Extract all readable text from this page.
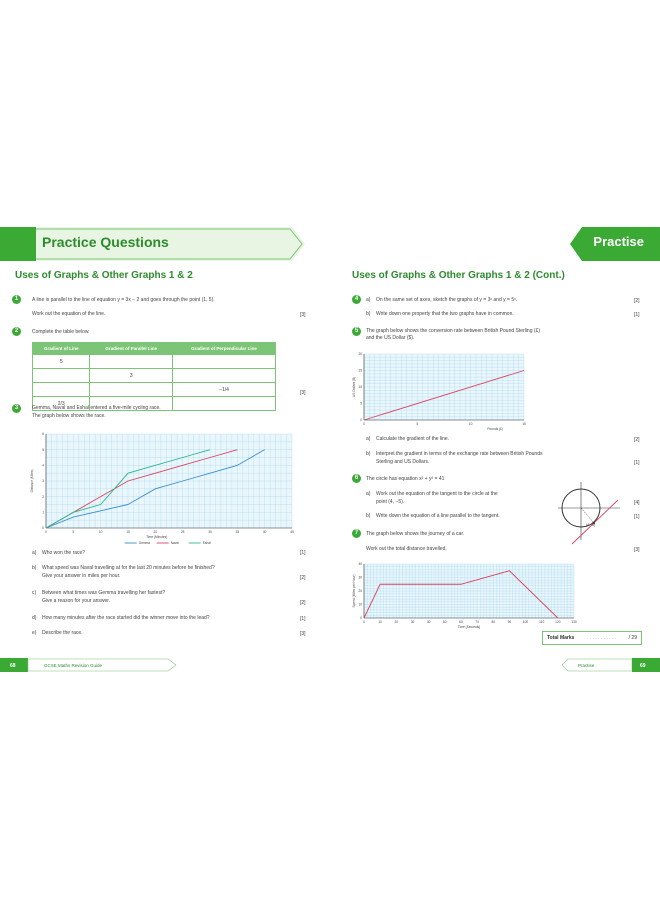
Practice Questions
Uses of Graphs & Other Graphs 1 & 2
1	A line is parallel to the line of equation y = 3x − 2 and goes through the point (1, 5).
Work out the equation of the line.	[3]
2	Complete the table below.
Gradient of Line	Gradient of Parallel Line	Gradient of Perpendicular Line
5		
	3	
		−1/4
2/3		
[3]
3	Gemma, Naval and Eshal entered a five-mile cycling race.
The graph below shows the race.
0	5	10	15	20	25	30	35	40	45
0
1
2
3
4
5
6
Time (Minutes)
Distance (Miles)
Gemma	Naval	Eshal
a) Who won the race?	[1]
b) What speed was Naval travelling at for the last 20 minutes before he finished?
Give your answer in miles per hour.	[2]
c) Between what times was Gemma travelling her fastest?
Give a reason for your answer.	[2]
d) How many minutes after the race started did the winner move into the lead?	[1]
e) Describe the race.	[3]
68	GCSE Maths Revision Guide
Practise
Uses of Graphs & Other Graphs 1 & 2 (Cont.)
4	a) On the same set of axes, sketch the graphs of y = 3ˣ and y = 5ˣ.	[2]
b) Write down one property that the two graphs have in common.	[1]
5	The graph below shows the conversion rate between British Pound Sterling (£)
and the US Dollar ($).
0	5	10	15
0
5
10
15
20
Pounds (£)
US Dollars ($)
a) Calculate the gradient of the line.	[2]
b) Interpret the gradient in terms of the exchange rate between British Pounds
Sterling and US Dollars.	[1]
6	The circle has equation x² + y² = 41
a) Work out the equation of the tangent to the circle at the
point (4, −5).	[4]
b) Write down the equation of a line parallel to the tangent.	[1]
(4,−5)
7	The graph below shows the journey of a car.
Work out the total distance travelled.	[3]
0	10	20	30	40	50	60	70	80	90	100	110	120	130
0
10
20
30
40
Time (Seconds)
Speed (Miles per Hour)
Total Marks	. . . . . . . . . . . / 29
Practise	69
